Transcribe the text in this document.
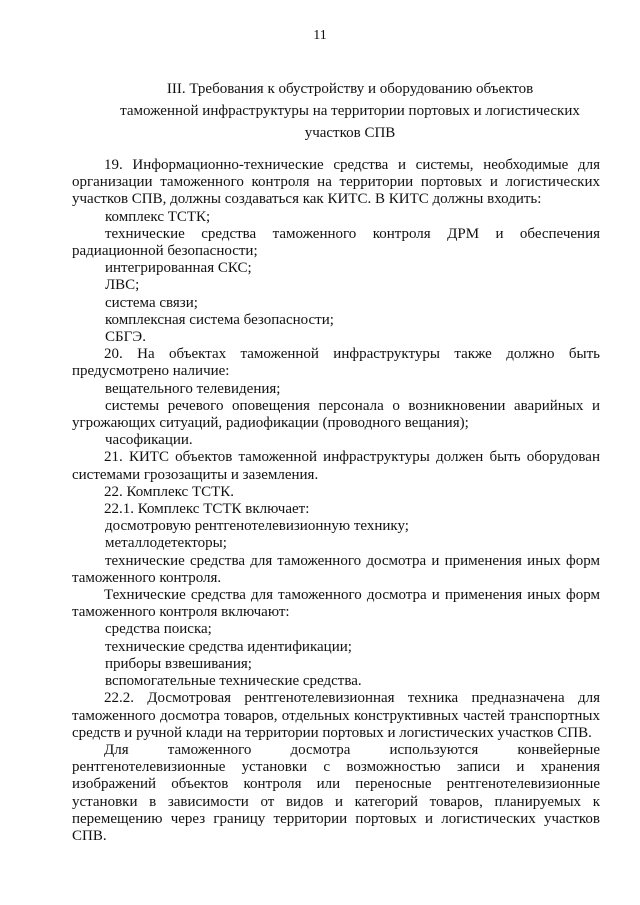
11
III. Требования к обустройству и оборудованию объектов
таможенной инфраструктуры на территории портовых и логистических
участков СПВ

19. Информационно-технические средства и системы, необходимые для организации таможенного контроля на территории портовых и логистических участков СПВ, должны создаваться как КИТС. В КИТС должны входить:

комплекс ТСТК;

технические средства таможенного контроля ДРМ и обеспечения радиационной безопасности;

интегрированная СКС;

ЛВС;

система связи;

комплексная система безопасности;

СБГЭ.

20. На объектах таможенной инфраструктуры также должно быть предусмотрено наличие:

вещательного телевидения;

системы речевого оповещения персонала о возникновении аварийных и угрожающих ситуаций, радиофикации (проводного вещания);

часофикации.

21. КИТС объектов таможенной инфраструктуры должен быть оборудован системами грозозащиты и заземления.

22. Комплекс ТСТК.

22.1. Комплекс ТСТК включает:

досмотровую рентгенотелевизионную технику;

металлодетекторы;

технические средства для таможенного досмотра и применения иных форм таможенного контроля.

Технические средства для таможенного досмотра и применения иных форм таможенного контроля включают:

средства поиска;

технические средства идентификации;

приборы взвешивания;

вспомогательные технические средства.

22.2. Досмотровая рентгенотелевизионная техника предназначена для таможенного досмотра товаров, отдельных конструктивных частей транспортных средств и ручной клади на территории портовых и логистических участков СПВ.

Для таможенного досмотра используются конвейерные рентгенотелевизионные установки с возможностью записи и хранения изображений объектов контроля или переносные рентгенотелевизионные установки в зависимости от видов и категорий товаров, планируемых к перемещению через границу территории портовых и логистических участков СПВ.
